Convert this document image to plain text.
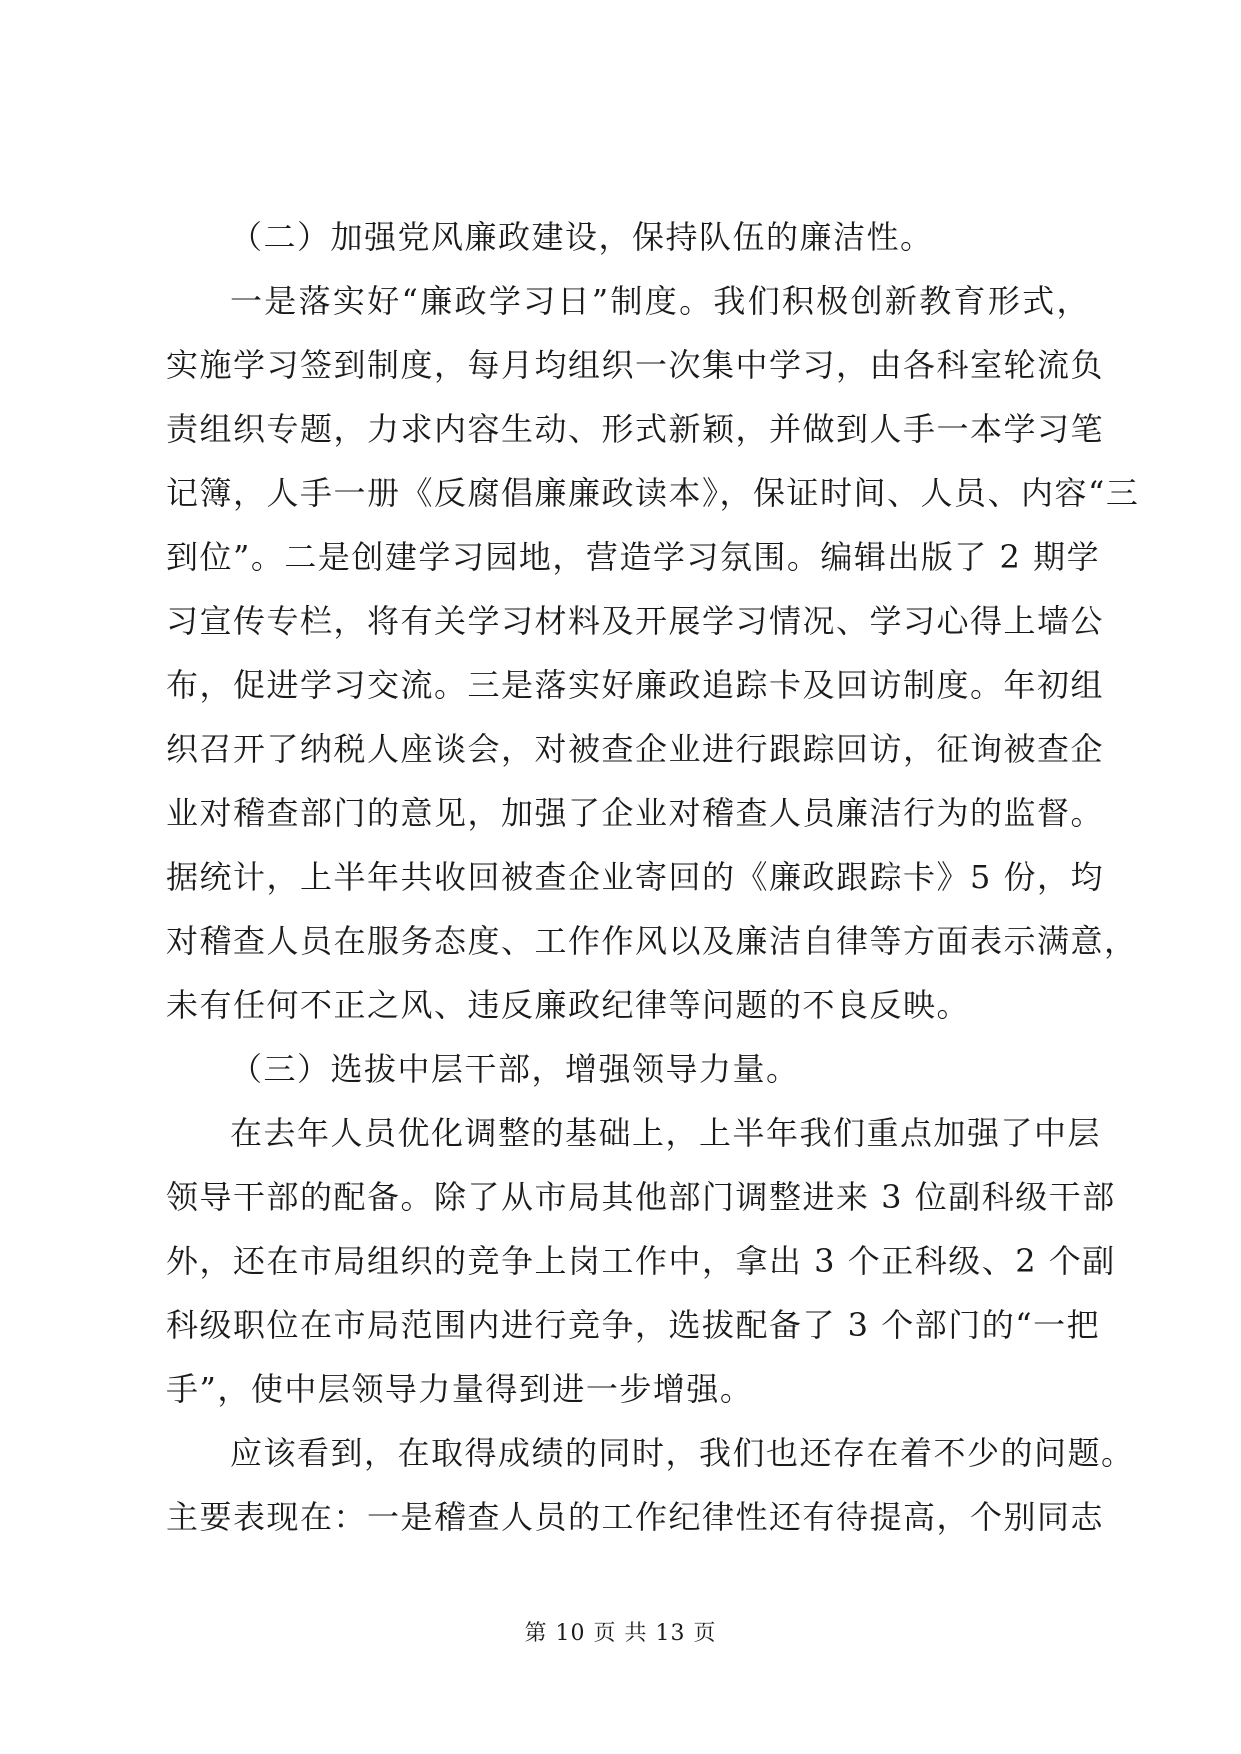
（二）加强党风廉政建设，保持队伍的廉洁性。
一是落实好“廉政学习日”制度。我们积极创新教育形式，
实施学习签到制度，每月均组织一次集中学习，由各科室轮流负
责组织专题，力求内容生动、形式新颖，并做到人手一本学习笔
记簿，人手一册《反腐倡廉廉政读本》，保证时间、人员、内容“三
到位”。二是创建学习园地，营造学习氛围。编辑出版了 2 期学
习宣传专栏，将有关学习材料及开展学习情况、学习心得上墙公
布，促进学习交流。三是落实好廉政追踪卡及回访制度。年初组
织召开了纳税人座谈会，对被查企业进行跟踪回访，征询被查企
业对稽查部门的意见，加强了企业对稽查人员廉洁行为的监督。
据统计，上半年共收回被查企业寄回的《廉政跟踪卡》5 份，均
对稽查人员在服务态度、工作作风以及廉洁自律等方面表示满意，
未有任何不正之风、违反廉政纪律等问题的不良反映。
（三）选拔中层干部，增强领导力量。
在去年人员优化调整的基础上，上半年我们重点加强了中层
领导干部的配备。除了从市局其他部门调整进来 3 位副科级干部
外，还在市局组织的竞争上岗工作中，拿出 3 个正科级、2 个副
科级职位在市局范围内进行竞争，选拔配备了 3 个部门的“一把
手”，使中层领导力量得到进一步增强。
应该看到，在取得成绩的同时，我们也还存在着不少的问题。
主要表现在：一是稽查人员的工作纪律性还有待提高，个别同志
第 10 页 共 13 页
